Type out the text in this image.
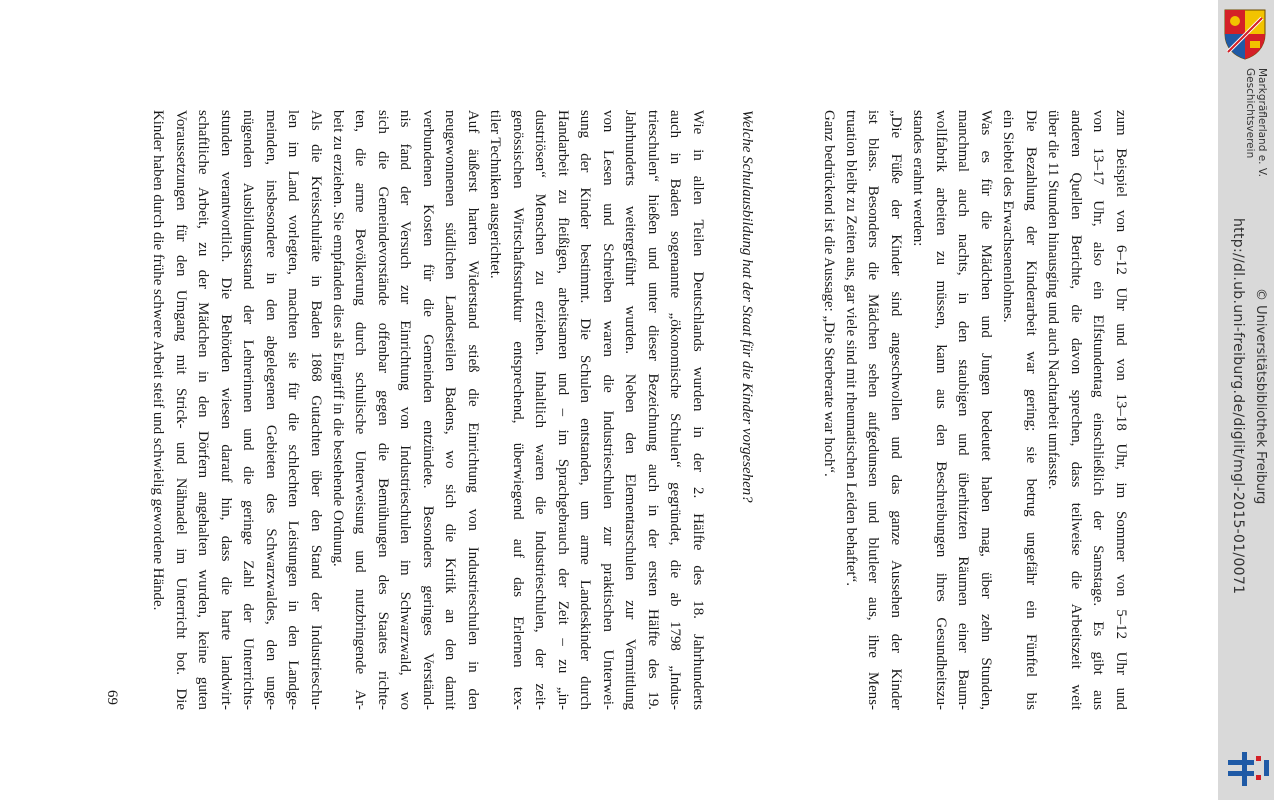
zum Beispiel von 6–12 Uhr und von 13–18 Uhr, im Sommer von 5–12 Uhr und
von 13–17 Uhr, also ein Elfstundentag einschließlich der Samstage. Es gibt aus
anderen Quellen Berichte, die davon sprechen, dass teilweise die Arbeitszeit weit
über die 11 Stunden hinausging und auch Nachtarbeit umfasste.
Die Bezahlung der Kinderarbeit war gering; sie betrug ungefähr ein Fünftel bis
ein Siebtel des Erwachsenenlohnes.
Was es für die Mädchen und Jungen bedeutet haben mag, über zehn Stunden,
manchmal auch nachts, in den staubigen und überhitzten Räumen einer Baum-
wollfabrik arbeiten zu müssen, kann aus den Beschreibungen ihres Gesundheitszu-
standes erahnt werden:
„Die Füße der Kinder sind angeschwollen und das ganze Aussehen der Kinder
ist blass. Besonders die Mädchen sehen aufgedunsen und blutleer aus, ihre Mens-
truation bleibt zu Zeiten aus, gar viele sind mit rheumatischen Leiden behaftet“.
Ganz bedrückend ist die Aussage: „Die Sterberate war hoch“.
Welche Schulausbildung hat der Staat für die Kinder vorgesehen?
Wie in allen Teilen Deutschlands wurden in der 2. Hälfte des 18. Jahrhunderts
auch in Baden sogenannte „ökonomische Schulen“ gegründet, die ab 1798 „Indus-
trieschulen“ hießen und unter dieser Bezeichnung auch in der ersten Hälfte des 19.
Jahrhunderts weitergeführt wurden. Neben den Elementarschulen zur Vermittlung
von Lesen und Schreiben waren die Industrieschulen zur praktischen Unterwei-
sung der Kinder bestimmt. Die Schulen entstanden, um arme Landeskinder durch
Handarbeit zu fleißigen, arbeitsamen und – im Sprachgebrauch der Zeit – zu „in-
dustriösen“ Menschen zu erziehen. Inhaltlich waren die Industrieschulen, der zeit-
genössischen Wirtschaftsstruktur entsprechend, überwiegend auf das Erlernen tex-
tiler Techniken ausgerichtet.
Auf äußerst harten Widerstand stieß die Einrichtung von Industrieschulen in den
neugewonnenen südlichen Landesteilen Badens, wo sich die Kritik an den damit
verbundenen Kosten für die Gemeinden entzündete. Besonders geringes Verständ-
nis fand der Versuch zur Einrichtung von Industrieschulen im Schwarzwald, wo
sich die Gemeindevorstände offenbar gegen die Bemühungen des Staates richte-
ten, die arme Bevölkerung durch schulische Unterweisung und nutzbringende Ar-
beit zu erziehen. Sie empfanden dies als Eingriff in die bestehende Ordnung.
Als die Kreisschulräte in Baden 1868 Gutachten über den Stand der Industrieschu-
len im Land vorlegten, machten sie für die schlechten Leistungen in den Landge-
meinden, insbesondere in den abgelegenen Gebieten des Schwarzwaldes, den unge-
nügenden Ausbildungsstand der Lehrerinnen und die geringe Zahl der Unterrichts-
stunden verantwortlich. Die Behörden wiesen darauf hin, dass die harte landwirt-
schaftliche Arbeit, zu der Mädchen in den Dörfern angehalten wurden, keine guten
Voraussetzungen für den Umgang mit Strick- und Nähnadel im Unterricht bot. Die
Kinder haben durch die frühe schwere Arbeit steif und schwielig gewordene Hände.
69
Geschichtsverein Markgräflerland e. V.
http://dl.ub.uni-freiburg.de/diglit/mgl-2015-01/0071 © Universitätsbibliothek Freiburg
